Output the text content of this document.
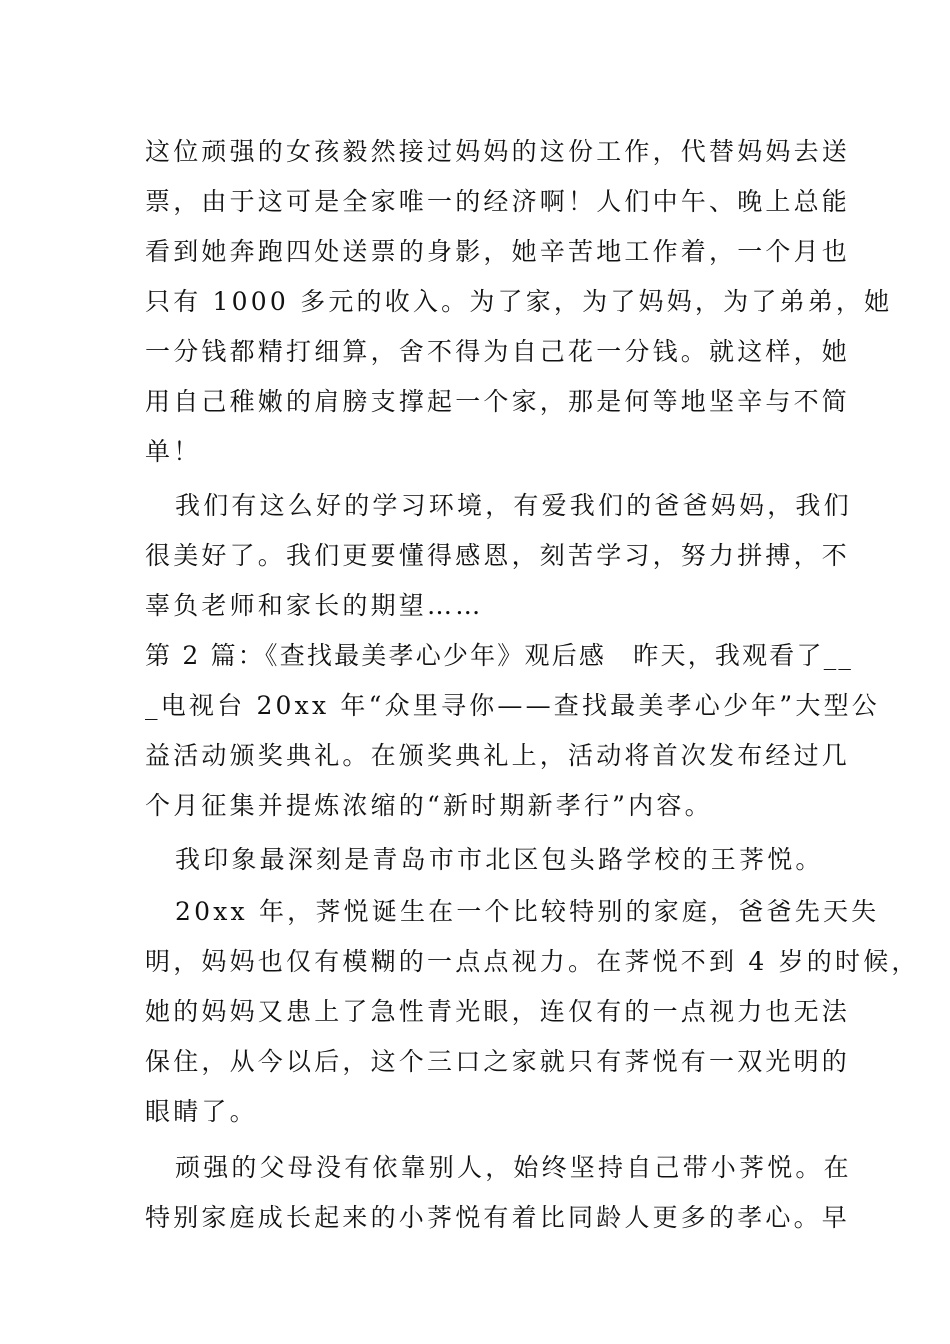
这位顽强的女孩毅然接过妈妈的这份工作，代替妈妈去送
票，由于这可是全家唯一的经济啊！人们中午、晚上总能
看到她奔跑四处送票的身影，她辛苦地工作着，一个月也
只有 1000 多元的收入。为了家，为了妈妈，为了弟弟，她
一分钱都精打细算，舍不得为自己花一分钱。就这样，她
用自己稚嫩的肩膀支撑起一个家，那是何等地坚辛与不简
单！
我们有这么好的学习环境，有爱我们的爸爸妈妈，我们
很美好了。我们更要懂得感恩，刻苦学习，努力拼搏，不
辜负老师和家长的期望……
第 2 篇：《查找最美孝心少年》观后感　昨天，我观看了__
_电视台 20xx 年“众里寻你——查找最美孝心少年”大型公
益活动颁奖典礼。在颁奖典礼上，活动将首次发布经过几
个月征集并提炼浓缩的“新时期新孝行”内容。
我印象最深刻是青岛市市北区包头路学校的王荠悦。
20xx 年，荠悦诞生在一个比较特别的家庭，爸爸先天失
明，妈妈也仅有模糊的一点点视力。在荠悦不到 4 岁的时候，
她的妈妈又患上了急性青光眼，连仅有的一点视力也无法
保住，从今以后，这个三口之家就只有荠悦有一双光明的
眼睛了。
顽强的父母没有依靠别人，始终坚持自己带小荠悦。在
特别家庭成长起来的小荠悦有着比同龄人更多的孝心。早
